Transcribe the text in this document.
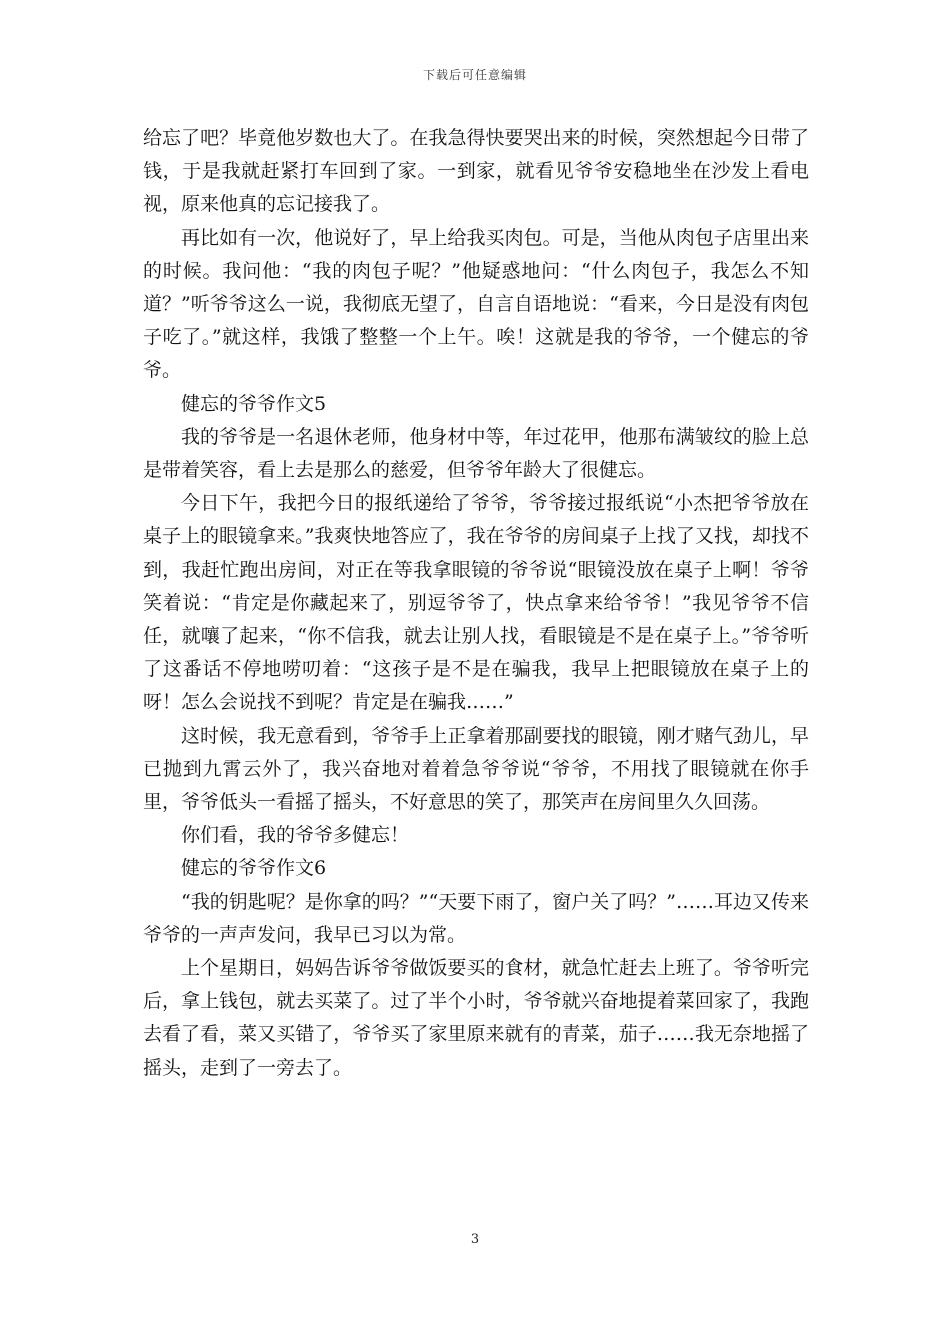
下载后可任意编辑

给忘了吧？毕竟他岁数也大了。在我急得快要哭出来的时候，突然想起今日带了钱，于是我就赶紧打车回到了家。一到家，就看见爷爷安稳地坐在沙发上看电视，原来他真的忘记接我了。

再比如有一次，他说好了，早上给我买肉包。可是，当他从肉包子店里出来的时候。我问他：“我的肉包子呢？”他疑惑地问：“什么肉包子，我怎么不知道？”听爷爷这么一说，我彻底无望了，自言自语地说：“看来，今日是没有肉包子吃了。”就这样，我饿了整整一个上午。唉！这就是我的爷爷，一个健忘的爷爷。

健忘的爷爷作文5

我的爷爷是一名退休老师，他身材中等，年过花甲，他那布满皱纹的脸上总是带着笑容，看上去是那么的慈爱，但爷爷年龄大了很健忘。

今日下午，我把今日的报纸递给了爷爷，爷爷接过报纸说“小杰把爷爷放在桌子上的眼镜拿来。”我爽快地答应了，我在爷爷的房间桌子上找了又找，却找不到，我赶忙跑出房间，对正在等我拿眼镜的爷爷说“眼镜没放在桌子上啊！爷爷笑着说：“肯定是你藏起来了，别逗爷爷了，快点拿来给爷爷！”我见爷爷不信任，就嚷了起来，“你不信我，就去让别人找，看眼镜是不是在桌子上。”爷爷听了这番话不停地唠叨着：“这孩子是不是在骗我，我早上把眼镜放在桌子上的呀！怎么会说找不到呢？肯定是在骗我……”

这时候，我无意看到，爷爷手上正拿着那副要找的眼镜，刚才赌气劲儿，早已抛到九霄云外了，我兴奋地对着着急爷爷说“爷爷，不用找了眼镜就在你手里，爷爷低头一看摇了摇头，不好意思的笑了，那笑声在房间里久久回荡。

你们看，我的爷爷多健忘！

健忘的爷爷作文6

“我的钥匙呢？是你拿的吗？”“天要下雨了，窗户关了吗？”……耳边又传来爷爷的一声声发问，我早已习以为常。

上个星期日，妈妈告诉爷爷做饭要买的食材，就急忙赶去上班了。爷爷听完后，拿上钱包，就去买菜了。过了半个小时，爷爷就兴奋地提着菜回家了，我跑去看了看，菜又买错了，爷爷买了家里原来就有的青菜，茄子……我无奈地摇了摇头，走到了一旁去了。

3
